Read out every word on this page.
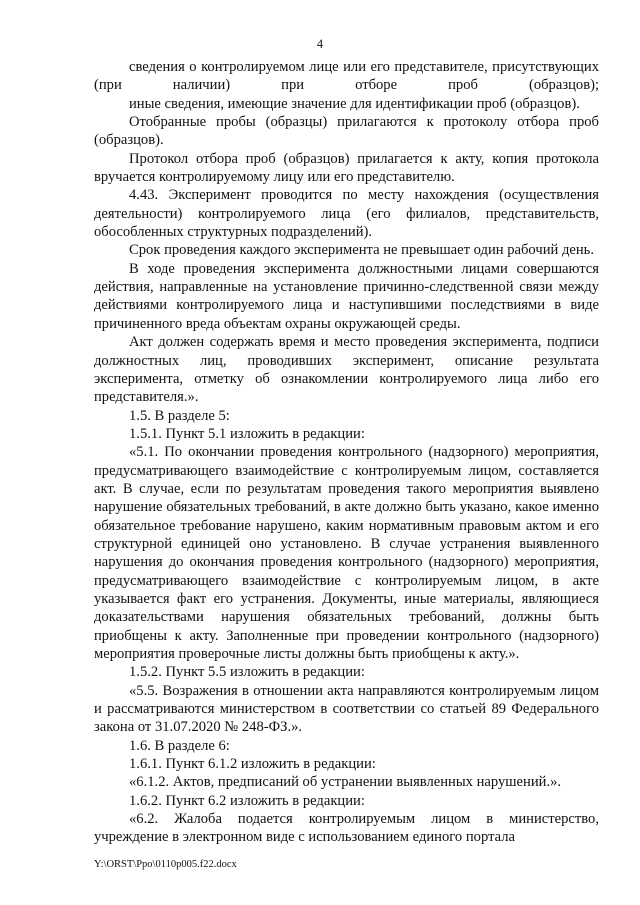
4

сведения о контролируемом лице или его представителе, присутствующих (при наличии) при отборе проб (образцов);

иные сведения, имеющие значение для идентификации проб (образцов).

Отобранные пробы (образцы) прилагаются к протоколу отбора проб (образцов).

Протокол отбора проб (образцов) прилагается к акту, копия протокола вручается контролируемому лицу или его представителю.

4.43. Эксперимент проводится по месту нахождения (осуществления деятельности) контролируемого лица (его филиалов, представительств, обособленных структурных подразделений).

Срок проведения каждого эксперимента не превышает один рабочий день.

В ходе проведения эксперимента должностными лицами совершаются действия, направленные на установление причинно-следственной связи между действиями контролируемого лица и наступившими последствиями в виде причиненного вреда объектам охраны окружающей среды.

Акт должен содержать время и место проведения эксперимента, подписи должностных лиц, проводивших эксперимент, описание результата эксперимента, отметку об ознакомлении контролируемого лица либо его представителя.».

1.5. В разделе 5:

1.5.1. Пункт 5.1 изложить в редакции:

«5.1. По окончании проведения контрольного (надзорного) мероприятия, предусматривающего взаимодействие с контролируемым лицом, составляется акт. В случае, если по результатам проведения такого мероприятия выявлено нарушение обязательных требований, в акте должно быть указано, какое именно обязательное требование нарушено, каким нормативным правовым актом и его структурной единицей оно установлено. В случае устранения выявленного нарушения до окончания проведения контрольного (надзорного) мероприятия, предусматривающего взаимодействие с контролируемым лицом, в акте указывается факт его устранения. Документы, иные материалы, являющиеся доказательствами нарушения обязательных требований, должны быть приобщены к акту. Заполненные при проведении контрольного (надзорного) мероприятия проверочные листы должны быть приобщены к акту.».

1.5.2. Пункт 5.5 изложить в редакции:

«5.5. Возражения в отношении акта направляются контролируемым лицом и рассматриваются министерством в соответствии со статьей 89 Федерального закона от 31.07.2020 № 248-ФЗ.».

1.6. В разделе 6:

1.6.1. Пункт 6.1.2 изложить в редакции:

«6.1.2. Актов, предписаний об устранении выявленных нарушений.».

1.6.2. Пункт 6.2 изложить в редакции:

«6.2. Жалоба подается контролируемым лицом в министерство, учреждение в электронном виде с использованием единого портала

Y:\ORST\Ppo\0110p005.f22.docx
